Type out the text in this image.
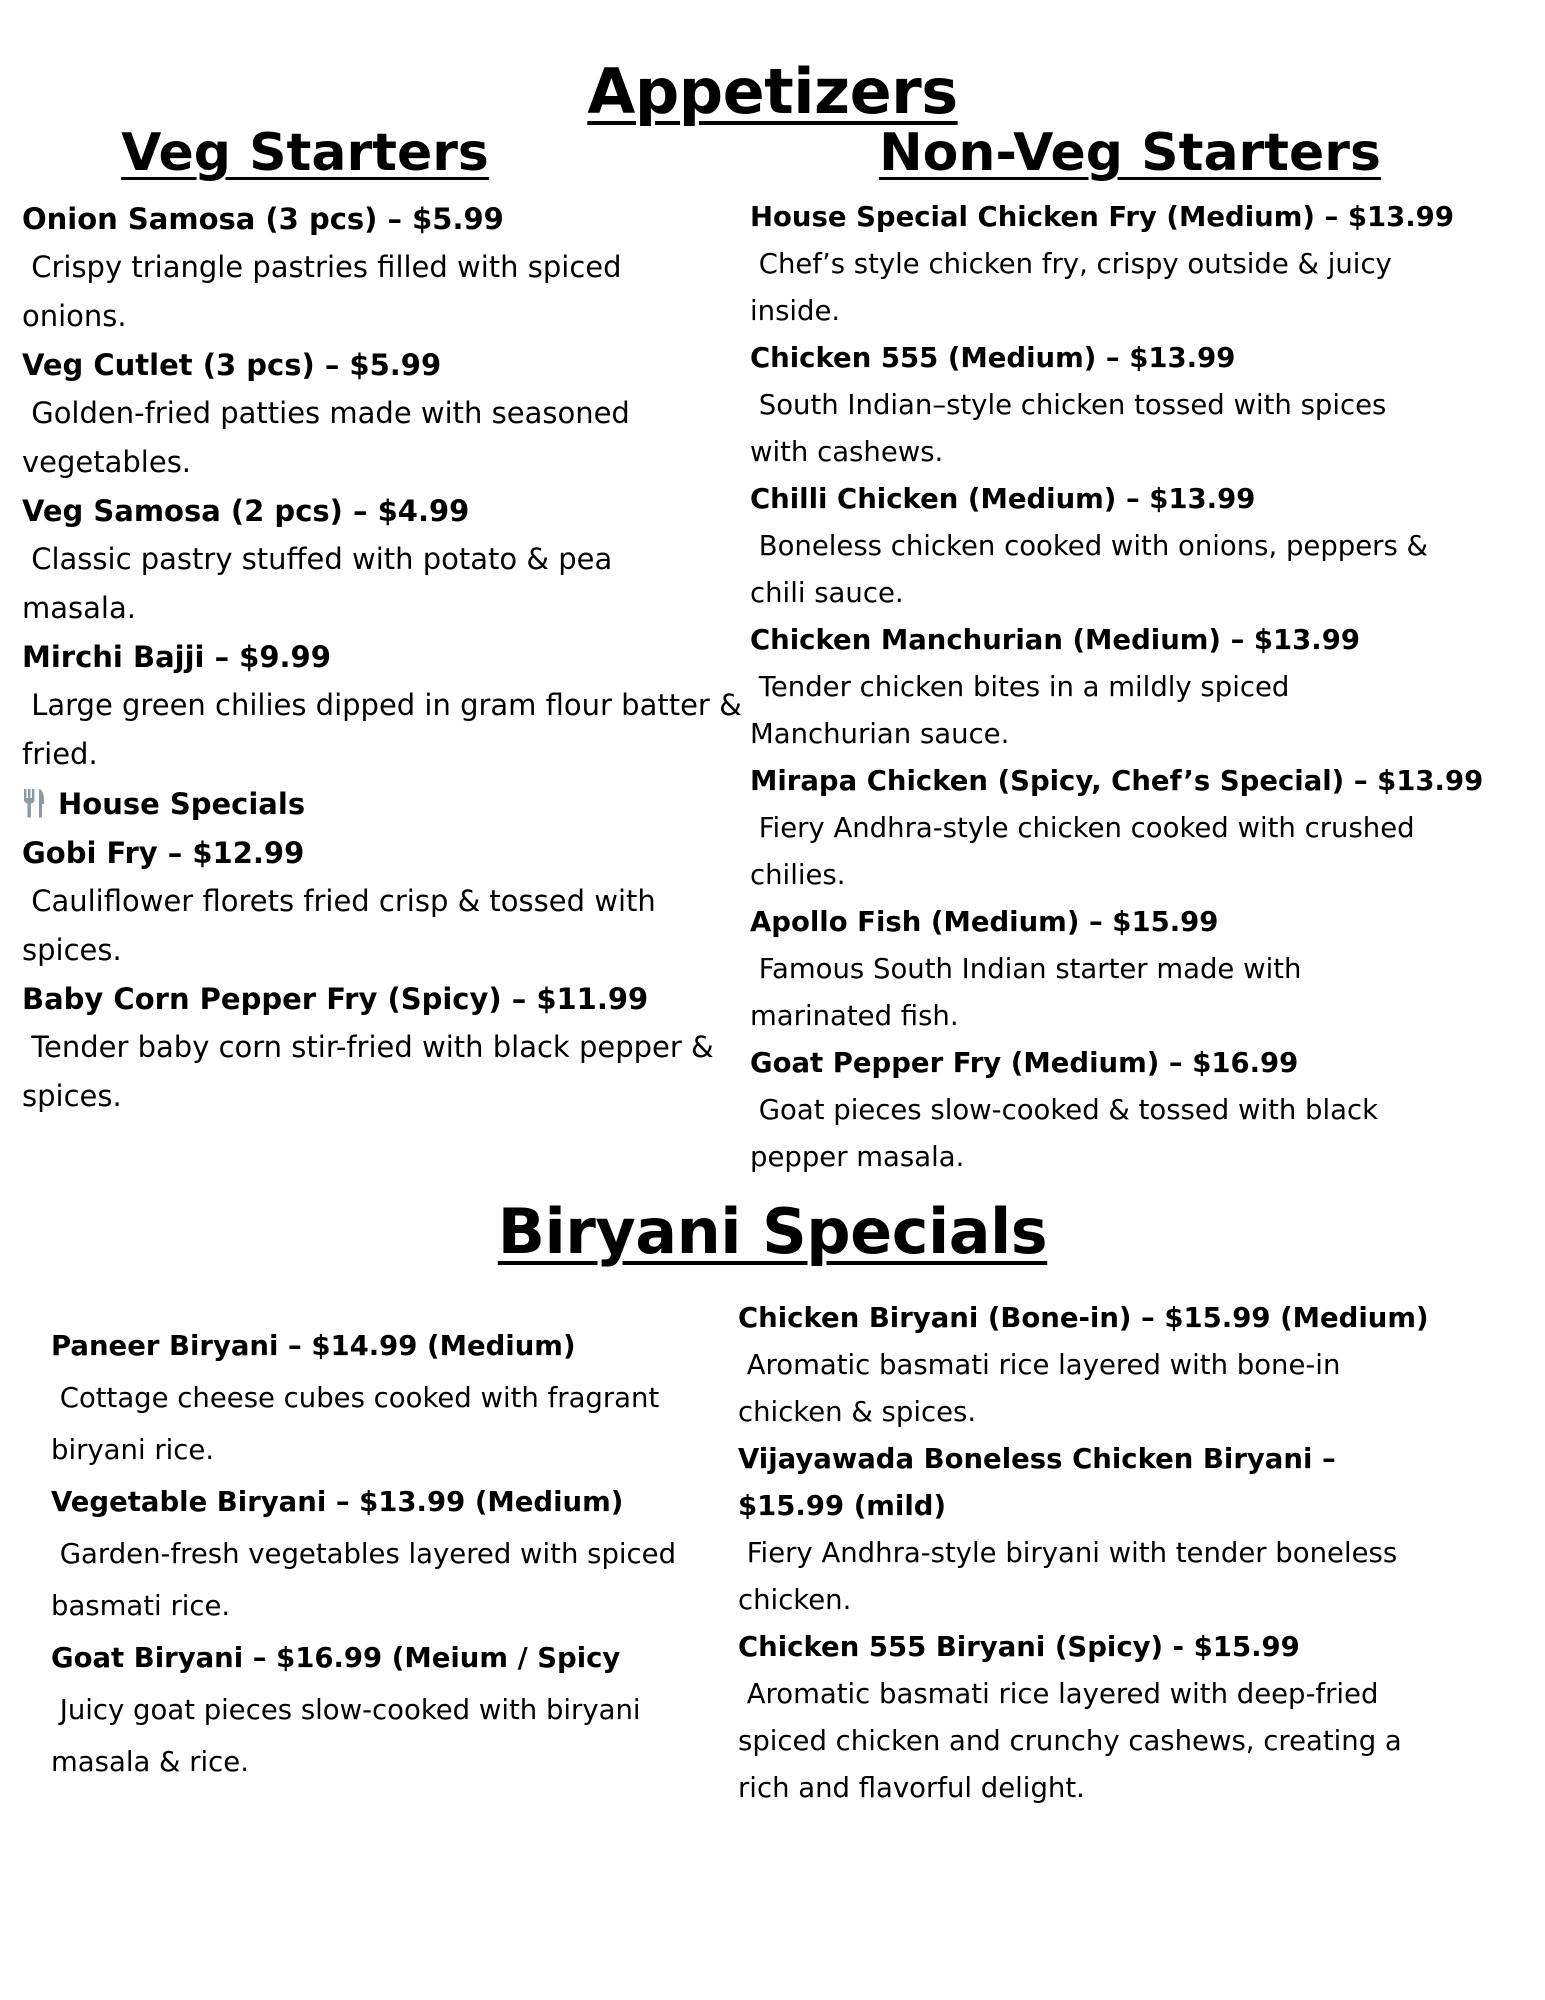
Appetizers
Veg Starters	Non-Veg Starters
Onion Samosa (3 pcs) – $5.99
Crispy triangle pastries filled with spiced onions.
Veg Cutlet (3 pcs) – $5.99
Golden-fried patties made with seasoned vegetables.
Veg Samosa (2 pcs) – $4.99
Classic pastry stuffed with potato & pea masala.
Mirchi Bajji – $9.99
Large green chilies dipped in gram flour batter & fried.
House Specials
Gobi Fry – $12.99
Cauliflower florets fried crisp & tossed with spices.
Baby Corn Pepper Fry (Spicy) – $11.99
Tender baby corn stir-fried with black pepper & spices.
House Special Chicken Fry (Medium) – $13.99
Chef’s style chicken fry, crispy outside & juicy inside.
Chicken 555 (Medium) – $13.99
South Indian–style chicken tossed with spices with cashews.
Chilli Chicken (Medium) – $13.99
Boneless chicken cooked with onions, peppers & chili sauce.
Chicken Manchurian (Medium) – $13.99
Tender chicken bites in a mildly spiced Manchurian sauce.
Mirapa Chicken (Spicy, Chef’s Special) – $13.99
Fiery Andhra-style chicken cooked with crushed chilies.
Apollo Fish (Medium) – $15.99
Famous South Indian starter made with marinated fish.
Goat Pepper Fry (Medium) – $16.99
Goat pieces slow-cooked & tossed with black pepper masala.
Biryani Specials
Paneer Biryani – $14.99 (Medium)
Cottage cheese cubes cooked with fragrant biryani rice.
Vegetable Biryani – $13.99 (Medium)
Garden-fresh vegetables layered with spiced basmati rice.
Goat Biryani – $16.99 (Meium / Spicy
Juicy goat pieces slow-cooked with biryani masala & rice.
Chicken Biryani (Bone-in) – $15.99 (Medium)
Aromatic basmati rice layered with bone-in chicken & spices.
Vijayawada Boneless Chicken Biryani – $15.99 (mild)
Fiery Andhra-style biryani with tender boneless chicken.
Chicken 555 Biryani (Spicy) - $15.99
Aromatic basmati rice layered with deep-fried spiced chicken and crunchy cashews, creating a rich and flavorful delight.
